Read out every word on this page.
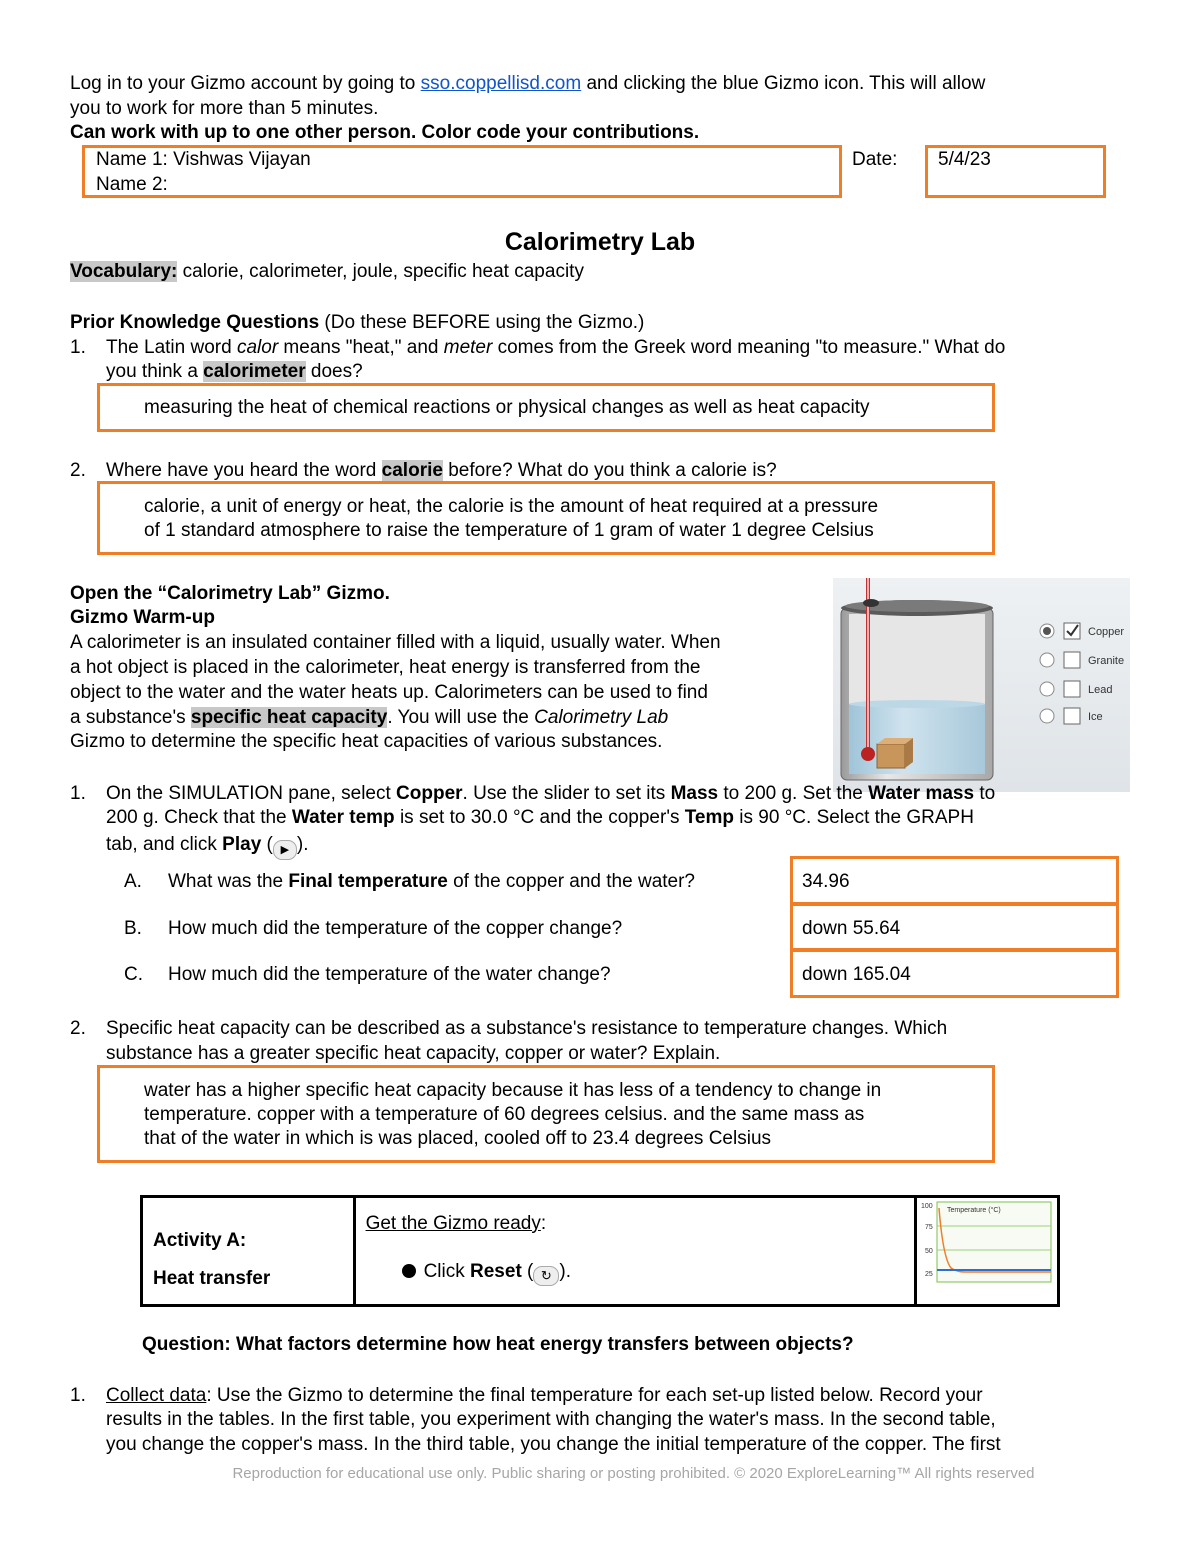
Log in to your Gizmo account by going to sso.coppellisd.com and clicking the blue Gizmo icon. This will allow
you to work for more than 5 minutes.
Can work with up to one other person. Color code your contributions.
Name 1: Vishwas Vijayan
Name 2:
Date: 5/4/23
Calorimetry Lab
Vocabulary: calorie, calorimeter, joule, specific heat capacity
Prior Knowledge Questions (Do these BEFORE using the Gizmo.)
1. The Latin word calor means "heat," and meter comes from the Greek word meaning "to measure." What do
you think a calorimeter does?
measuring the heat of chemical reactions or physical changes as well as heat capacity
2. Where have you heard the word calorie before? What do you think a calorie is?
calorie, a unit of energy or heat, the calorie is the amount of heat required at a pressure
of 1 standard atmosphere to raise the temperature of 1 gram of water 1 degree Celsius
Open the “Calorimetry Lab” Gizmo.
Gizmo Warm-up
A calorimeter is an insulated container filled with a liquid, usually water. When
a hot object is placed in the calorimeter, heat energy is transferred from the
object to the water and the water heats up. Calorimeters can be used to find
a substance's specific heat capacity. You will use the Calorimetry Lab
Gizmo to determine the specific heat capacities of various substances.
Copper
Granite
Lead
Ice
1. On the SIMULATION pane, select Copper. Use the slider to set its Mass to 200 g. Set the Water mass to
200 g. Check that the Water temp is set to 30.0 °C and the copper's Temp is 90 °C. Select the GRAPH
tab, and click Play ( ▶ ).
A. What was the Final temperature of the copper and the water?	34.96
B. How much did the temperature of the copper change?	down 55.64
C. How much did the temperature of the water change?	down 165.04
2. Specific heat capacity can be described as a substance's resistance to temperature changes. Which
substance has a greater specific heat capacity, copper or water? Explain.
water has a higher specific heat capacity because it has less of a tendency to change in
temperature. copper with a temperature of 60 degrees celsius. and the same mass as
that of the water in which is was placed, cooled off to 23.4 degrees Celsius
Activity A:
Heat transfer

Get the Gizmo ready:
Click Reset ( ↻ ).

100
75
50
25
Temperature (°C)
Question: What factors determine how heat energy transfers between objects?
1. Collect data: Use the Gizmo to determine the final temperature for each set-up listed below. Record your
results in the tables. In the first table, you experiment with changing the water's mass. In the second table,
you change the copper's mass. In the third table, you change the initial temperature of the copper. The first
Reproduction for educational use only. Public sharing or posting prohibited. © 2020 ExploreLearning™ All rights reserved
